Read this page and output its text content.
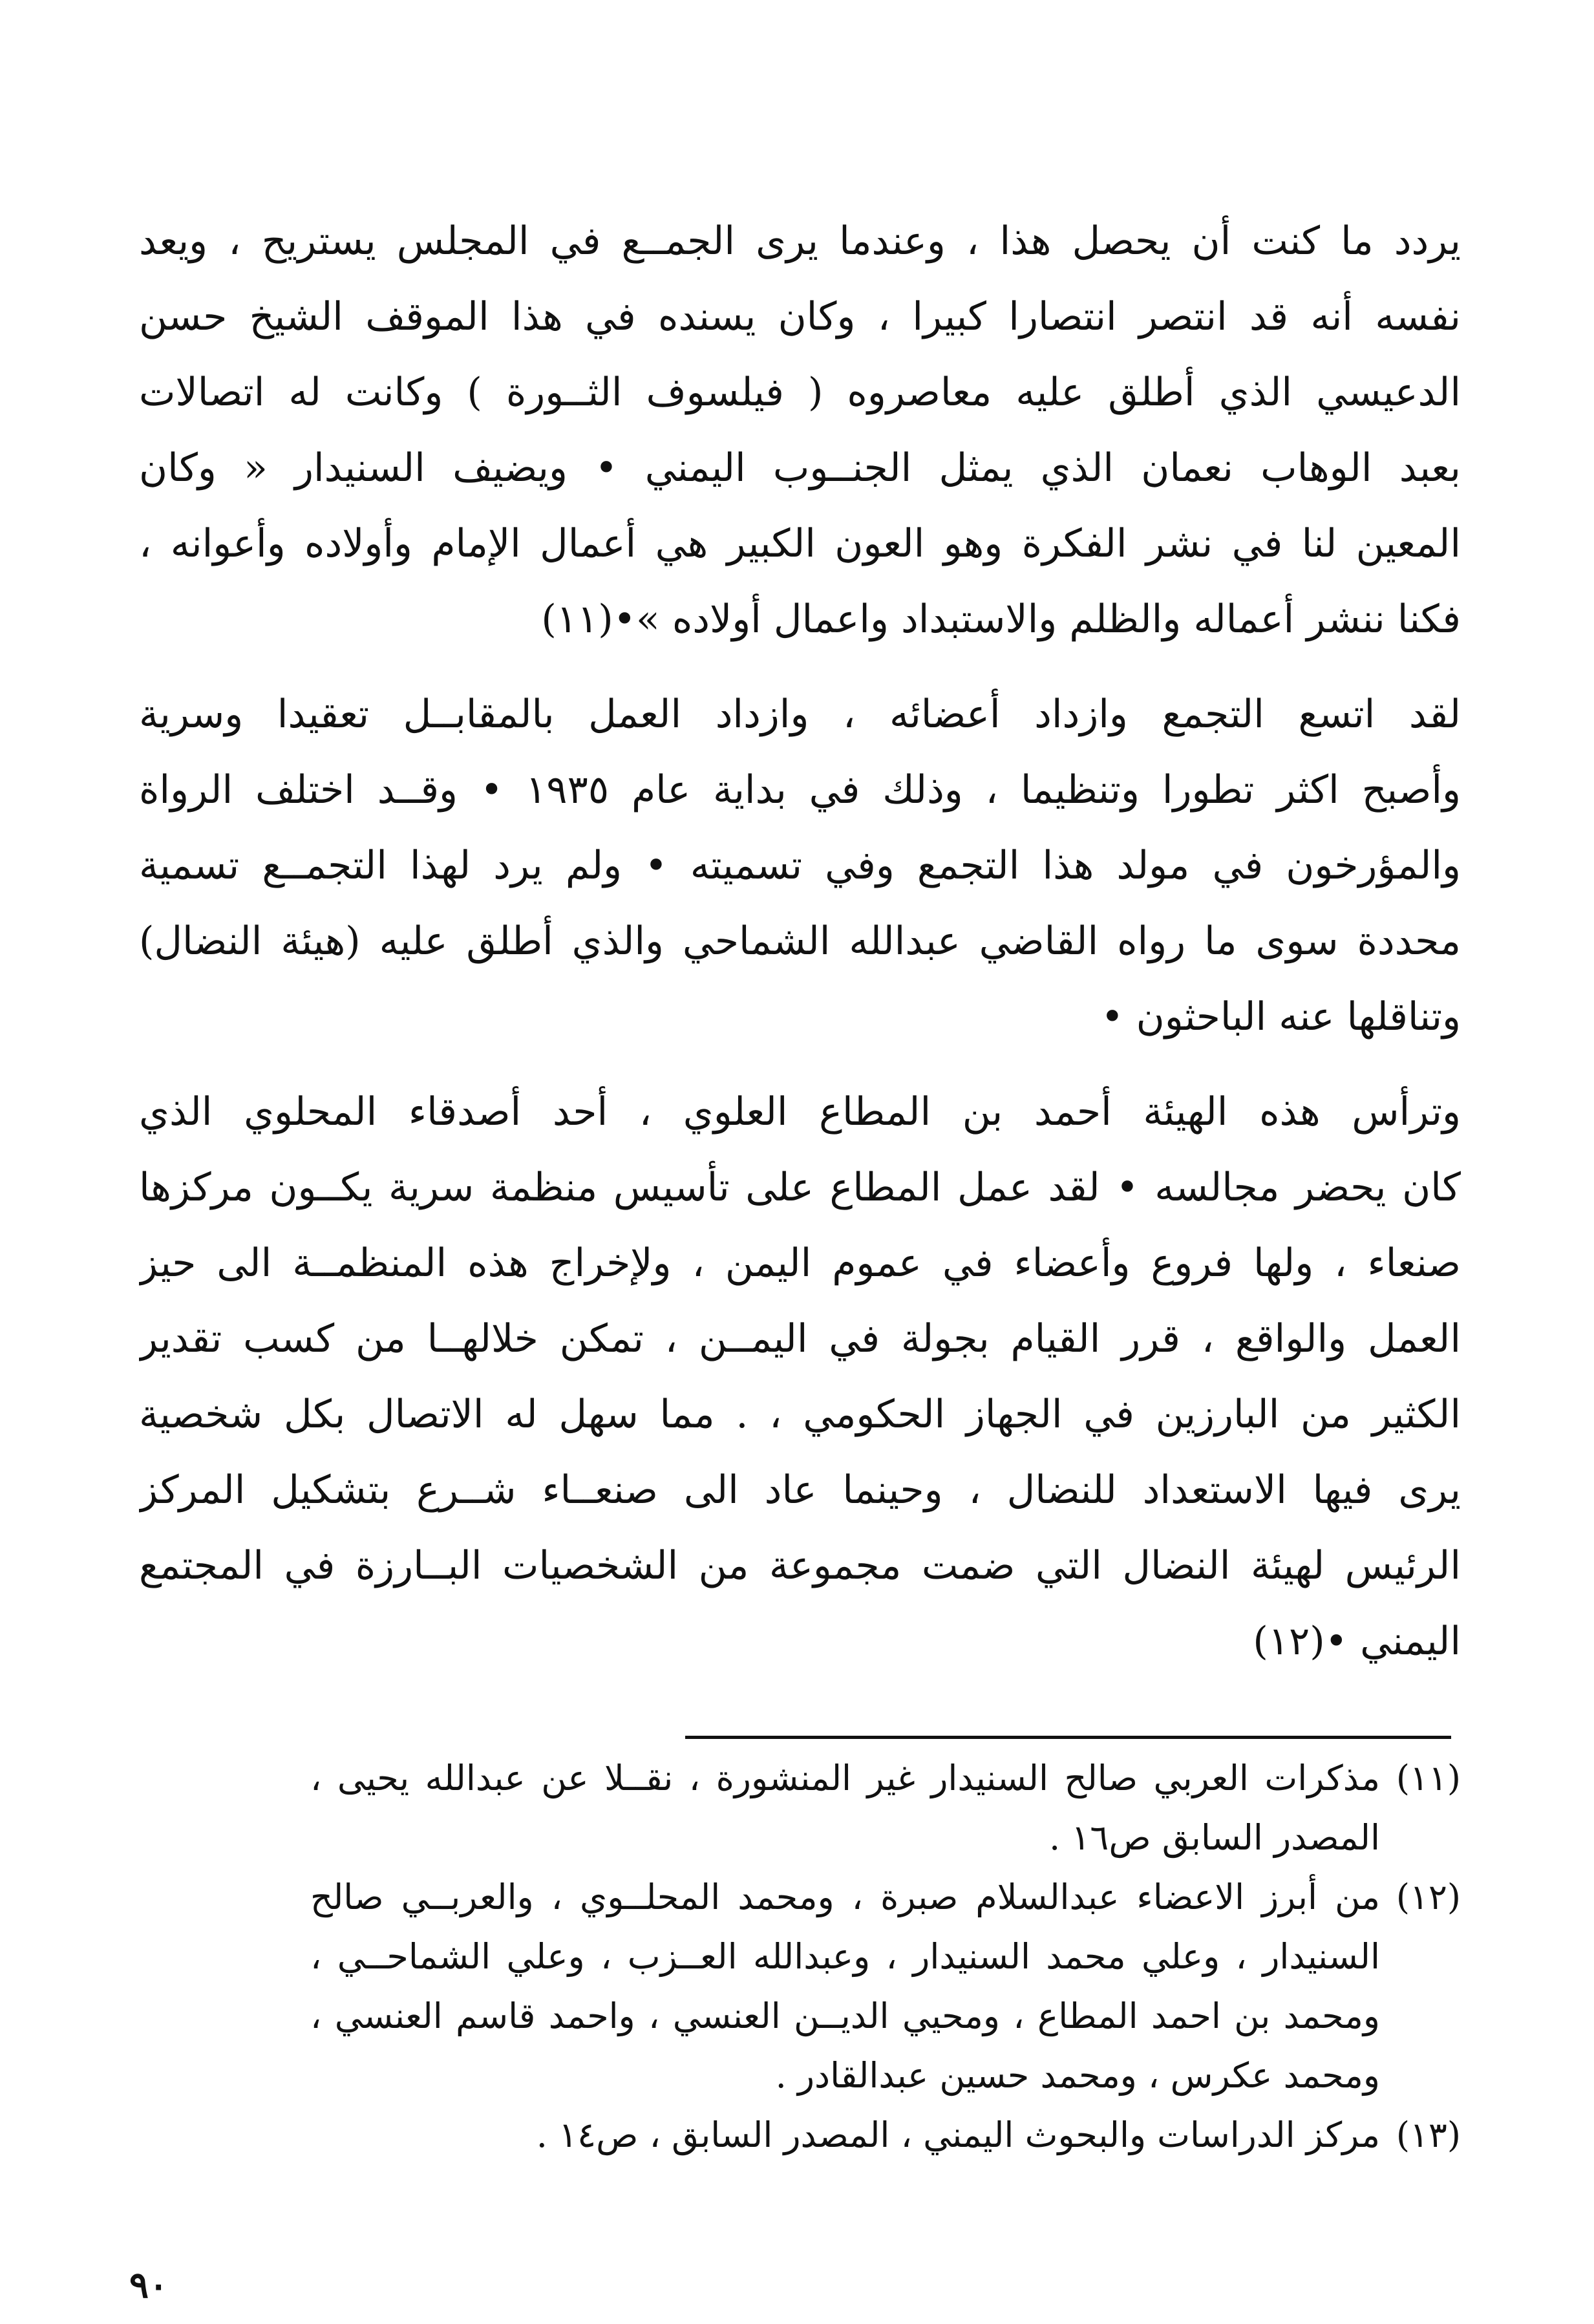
يردد ما كنت أن يحصل هذا ، وعندما يرى الجمــع في المجلس يستريح ، ويعد
نفسه أنه قد انتصر انتصارا كبيرا ، وكان يسنده في هذا الموقف الشيخ حسن
الدعيسي الذي أطلق عليه معاصروه ( فيلسوف الثــورة ) وكانت له اتصالات
بعبد الوهاب نعمان الذي يمثل الجنــوب اليمني • ويضيف السنيدار « وكان
المعين لنا في نشر الفكرة وهو العون الكبير هي أعمال الإمام وأولاده وأعوانه ،
فكنا ننشر أعماله والظلم والاستبداد واعمال أولاده »•(١١)
لقد اتسع التجمع وازداد أعضائه ، وازداد العمل بالمقابــل تعقيدا وسرية
وأصبح اكثر تطورا وتنظيما ، وذلك في بداية عام ١٩٣٥ • وقــد اختلف الرواة
والمؤرخون في مولد هذا التجمع وفي تسميته • ولم يرد لهذا التجمــع تسمية
محددة سوى ما رواه القاضي عبدالله الشماحي والذي أطلق عليه (هيئة النضال)
وتناقلها عنه الباحثون •
وترأس هذه الهيئة أحمد بن المطاع العلوي ، أحد أصدقاء المحلوي الذي
كان يحضر مجالسه • لقد عمل المطاع على تأسيس منظمة سرية يكــون مركزها
صنعاء ، ولها فروع وأعضاء في عموم اليمن ، ولإخراج هذه المنظمــة الى حيز
العمل والواقع ، قرر القيام بجولة في اليمــن ، تمكن خلالهــا من كسب تقدير
الكثير من البارزين في الجهاز الحكومي ، . مما سهل له الاتصال بكل شخصية
يرى فيها الاستعداد للنضال ، وحينما عاد الى صنعــاء شــرع بتشكيل المركز
الرئيس لهيئة النضال التي ضمت مجموعة من الشخصيات البــارزة في المجتمع
اليمني •(١٢)
(١١)
مذكرات العربي صالح السنيدار غير المنشورة ، نقــلا عن عبدالله يحيى ،
المصدر السابق ص١٦ .
(١٢)
من أبرز الاعضاء عبدالسلام صبرة ، ومحمد المحلــوي ، والعربــي صالح
السنيدار ، وعلي محمد السنيدار ، وعبدالله العــزب ، وعلي الشماحــي ،
ومحمد بن احمد المطاع ، ومحيي الديــن العنسي ، واحمد قاسم العنسي ،
ومحمد عكرس ، ومحمد حسين عبدالقادر .
(١٣)
مركز الدراسات والبحوث اليمني ، المصدر السابق ، ص١٤ .
٩٠
